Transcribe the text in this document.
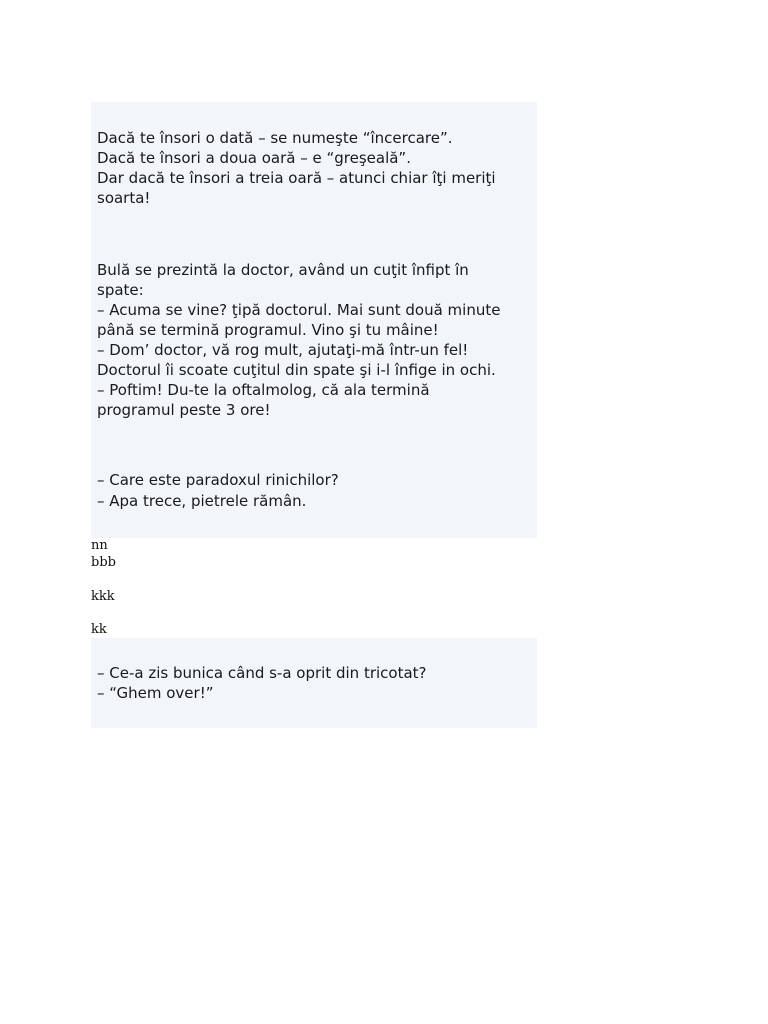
Dacă te însori o dată – se numeşte “încercare”.
Dacă te însori a doua oară – e “greşeală”.
Dar dacă te însori a treia oară – atunci chiar îţi meriţi
soarta!
Bulă se prezintă la doctor, având un cuţit înfipt în
spate:
– Acuma se vine? ţipă doctorul. Mai sunt două minute
până se termină programul. Vino şi tu mâine!
– Dom’ doctor, vă rog mult, ajutaţi-mă într-un fel!
Doctorul îi scoate cuţitul din spate şi i-l înfige in ochi.
– Poftim! Du-te la oftalmolog, că ala termină
programul peste 3 ore!
– Care este paradoxul rinichilor?
– Apa trece, pietrele rămân.
nn
bbb
kkk
kk
– Ce-a zis bunica când s-a oprit din tricotat?
– “Ghem over!”
